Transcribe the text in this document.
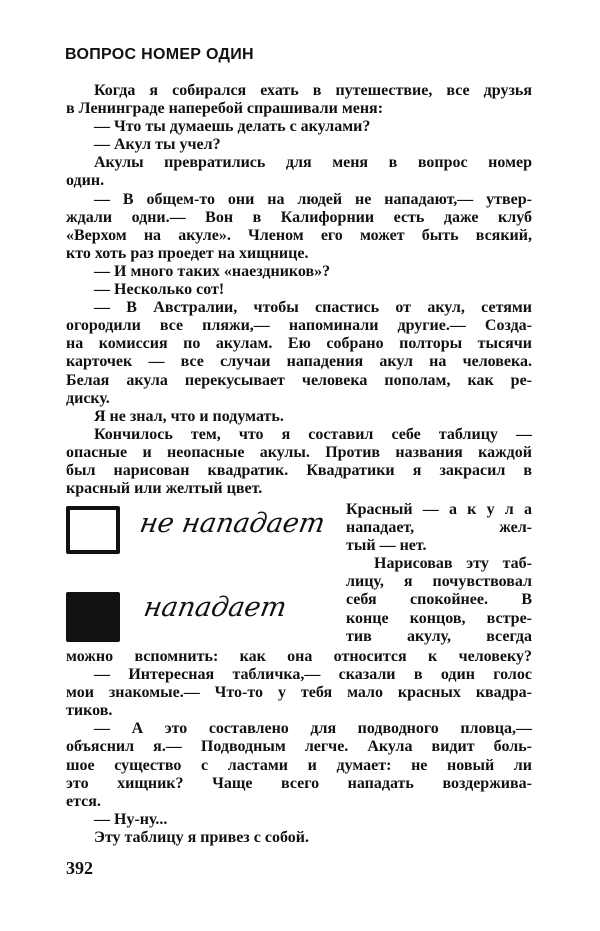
ВОПРОС НОМЕР ОДИН
Когда я собирался ехать в путешествие, все друзья
в Ленинграде наперебой спрашивали меня:
— Что ты думаешь делать с акулами?
— Акул ты учел?
Акулы превратились для меня в вопрос номер
один.
— В общем-то они на людей не нападают,— утвер-
ждали одни.— Вон в Калифорнии есть даже клуб
«Верхом на акуле». Членом его может быть всякий,
кто хоть раз проедет на хищнице.
— И много таких «наездников»?
— Несколько сот!
— В Австралии, чтобы спастись от акул, сетями
огородили все пляжи,— напоминали другие.— Созда-
на комиссия по акулам. Ею собрано полторы тысячи
карточек — все случаи нападения акул на человека.
Белая акула перекусывает человека пополам, как ре-
диску.
Я не знал, что и подумать.
Кончилось тем, что я составил себе таблицу —
опасные и неопасные акулы. Против названия каждой
был нарисован квадратик. Квадратики я закрасил в
красный или желтый цвет.
не нападает
нападает
Красный — а к у л а
нападает, жел-
тый — нет.
Нарисовав эту таб-
лицу, я почувствовал
себя спокойнее. В
конце концов, встре-
тив акулу, всегда
можно вспомнить: как она относится к человеку?
— Интересная табличка,— сказали в один голос
мои знакомые.— Что-то у тебя мало красных квадра-
тиков.
— А это составлено для подводного пловца,—
объяснил я.— Подводным легче. Акула видит боль-
шое существо с ластами и думает: не новый ли
это хищник? Чаще всего нападать воздержива-
ется.
— Ну-ну...
Эту таблицу я привез с собой.
392
